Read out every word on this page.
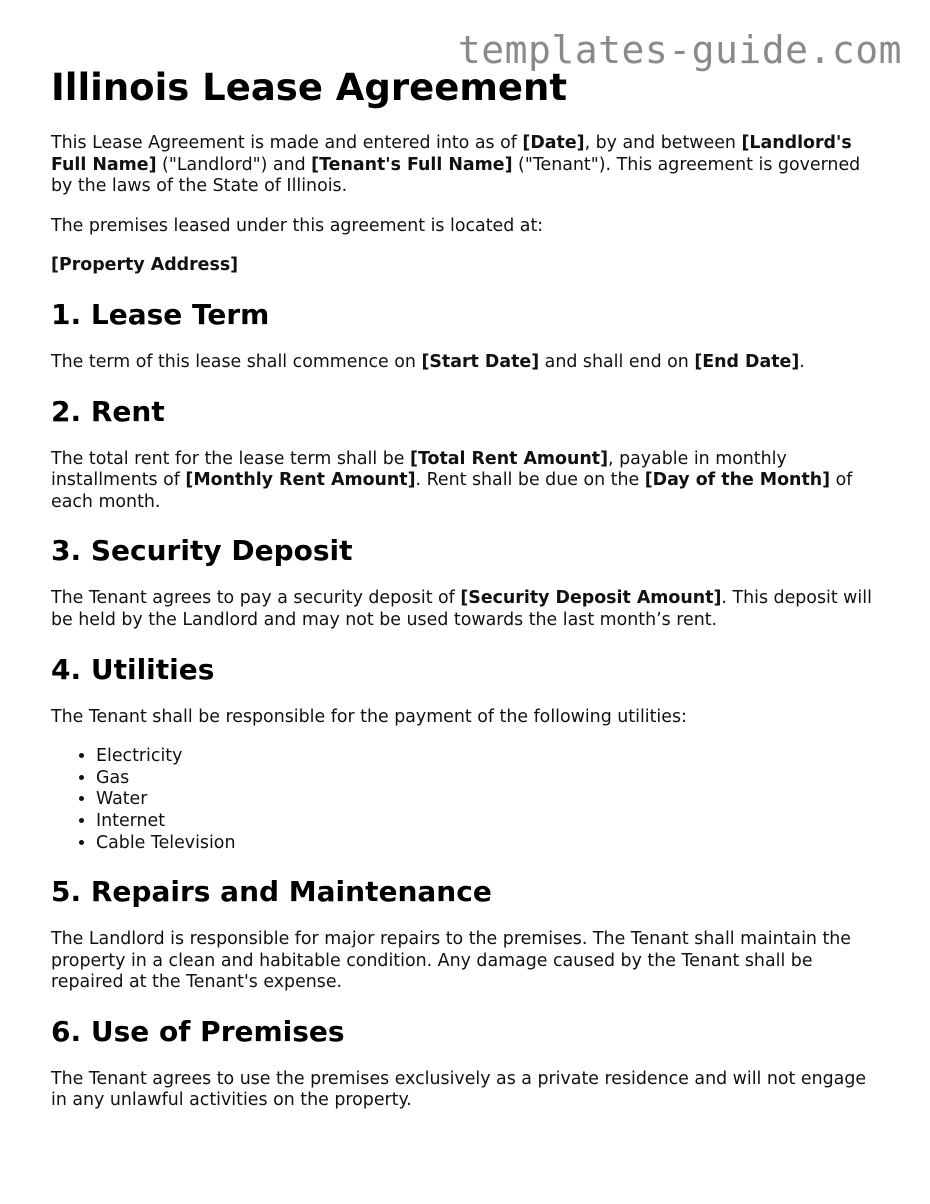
templates-guide.com
Illinois Lease Agreement

This Lease Agreement is made and entered into as of [Date], by and between [Landlord's Full Name] ("Landlord") and [Tenant's Full Name] ("Tenant"). This agreement is governed by the laws of the State of Illinois.

The premises leased under this agreement is located at:

[Property Address]

1. Lease Term

The term of this lease shall commence on [Start Date] and shall end on [End Date].

2. Rent

The total rent for the lease term shall be [Total Rent Amount], payable in monthly installments of [Monthly Rent Amount]. Rent shall be due on the [Day of the Month] of each month.

3. Security Deposit

The Tenant agrees to pay a security deposit of [Security Deposit Amount]. This deposit will be held by the Landlord and may not be used towards the last month’s rent.

4. Utilities

The Tenant shall be responsible for the payment of the following utilities:

• Electricity
• Gas
• Water
• Internet
• Cable Television
5. Repairs and Maintenance

The Landlord is responsible for major repairs to the premises. The Tenant shall maintain the property in a clean and habitable condition. Any damage caused by the Tenant shall be repaired at the Tenant's expense.

6. Use of Premises

The Tenant agrees to use the premises exclusively as a private residence and will not engage in any unlawful activities on the property.
